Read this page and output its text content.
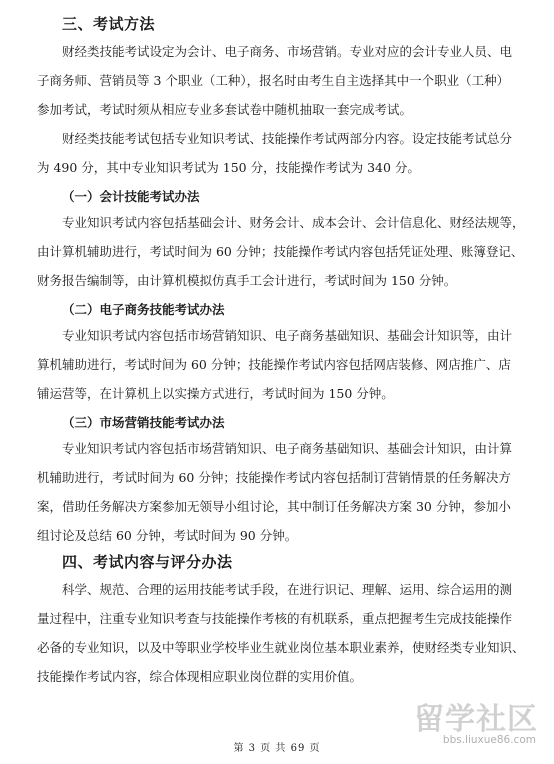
三、考试方法
财经类技能考试设定为会计、电子商务、市场营销。专业对应的会计专业人员、电
子商务师、营销员等 3 个职业（工种），报名时由考生自主选择其中一个职业（工种）
参加考试，考试时须从相应专业多套试卷中随机抽取一套完成考试。
财经类技能考试包括专业知识考试、技能操作考试两部分内容。设定技能考试总分
为 490 分，其中专业知识考试为 150 分，技能操作考试为 340 分。
（一）会计技能考试办法
专业知识考试内容包括基础会计、财务会计、成本会计、会计信息化、财经法规等，
由计算机辅助进行，考试时间为 60 分钟；技能操作考试内容包括凭证处理、账簿登记、
财务报告编制等，由计算机模拟仿真手工会计进行，考试时间为 150 分钟。
（二）电子商务技能考试办法
专业知识考试内容包括市场营销知识、电子商务基础知识、基础会计知识等，由计
算机辅助进行，考试时间为 60 分钟；技能操作考试内容包括网店装修、网店推广、店
铺运营等，在计算机上以实操方式进行，考试时间为 150 分钟。
（三）市场营销技能考试办法
专业知识考试内容包括市场营销知识、电子商务基础知识、基础会计知识，由计算
机辅助进行，考试时间为 60 分钟；技能操作考试内容包括制订营销情景的任务解决方
案，借助任务解决方案参加无领导小组讨论，其中制订任务解决方案 30 分钟，参加小
组讨论及总结 60 分钟，考试时间为 90 分钟。
四、考试内容与评分办法
科学、规范、合理的运用技能考试手段，在进行识记、理解、运用、综合运用的测
量过程中，注重专业知识考查与技能操作考核的有机联系，重点把握考生完成技能操作
必备的专业知识，以及中等职业学校毕业生就业岗位基本职业素养，使财经类专业知识、
技能操作考试内容，综合体现相应职业岗位群的实用价值。
第 3 页 共 69 页
留学社区
bbs.liuxue86.com
